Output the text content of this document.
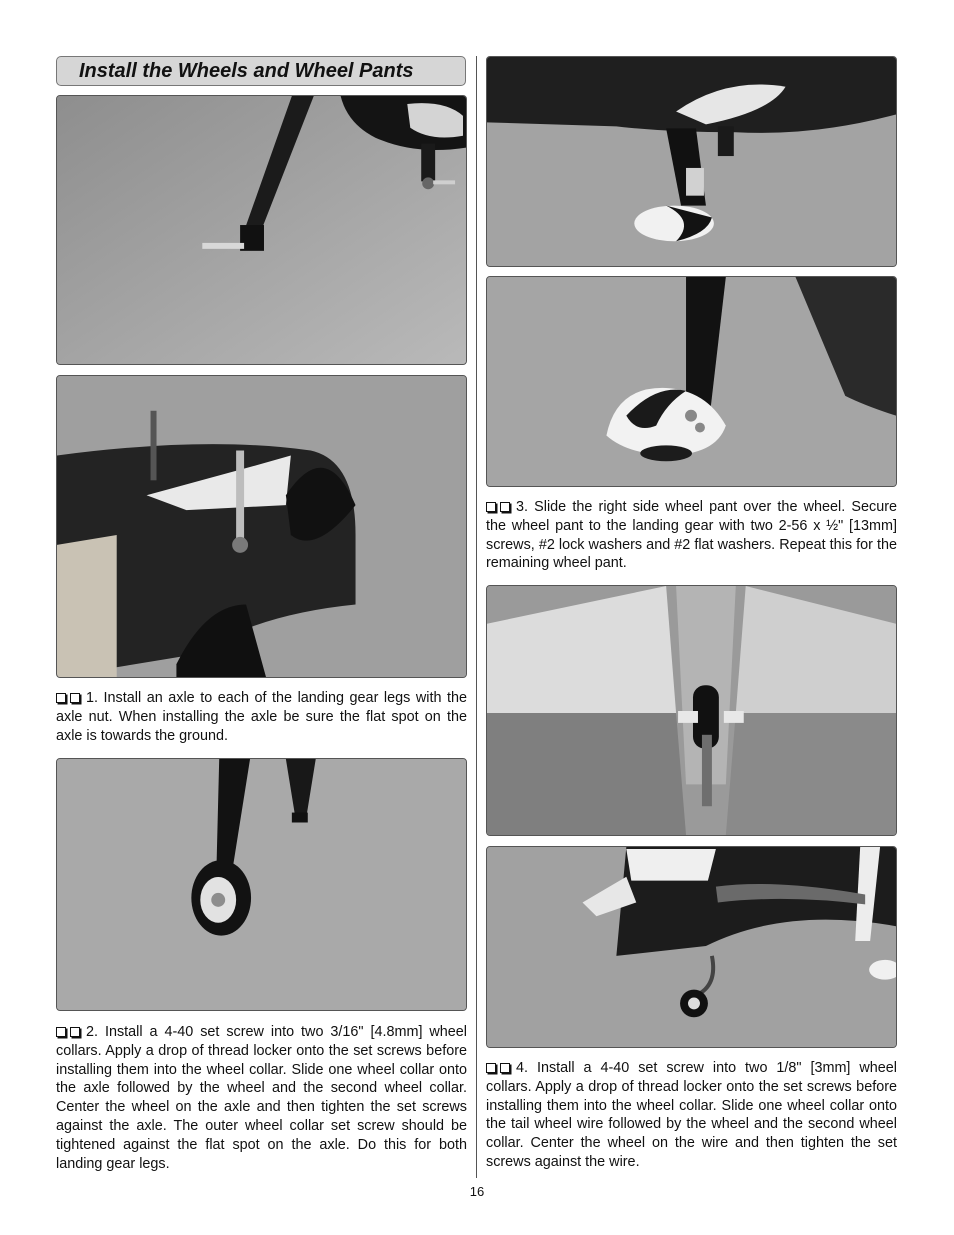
Install the Wheels and Wheel Pants
1. Install an axle to each of the landing gear legs with the axle nut. When installing the axle be sure the flat spot on the axle is towards the ground.
2. Install a 4-40 set screw into two 3/16" [4.8mm] wheel collars. Apply a drop of thread locker onto the set screws before installing them into the wheel collar. Slide one wheel collar onto the axle followed by the wheel and the second wheel collar. Center the wheel on the axle and then tighten the set screws against the axle. The outer wheel collar set screw should be tightened against the flat spot on the axle. Do this for both landing gear legs.
3. Slide the right side wheel pant over the wheel. Secure the wheel pant to the landing gear with two 2-56 x ½" [13mm] screws, #2 lock washers and #2 flat washers. Repeat this for the remaining wheel pant.
4. Install a 4-40 set screw into two 1/8" [3mm] wheel collars. Apply a drop of thread locker onto the set screws before installing them into the wheel collar. Slide one wheel collar onto the tail wheel wire followed by the wheel and the second wheel collar. Center the wheel on the wire and then tighten the set screws against the wire.
16
